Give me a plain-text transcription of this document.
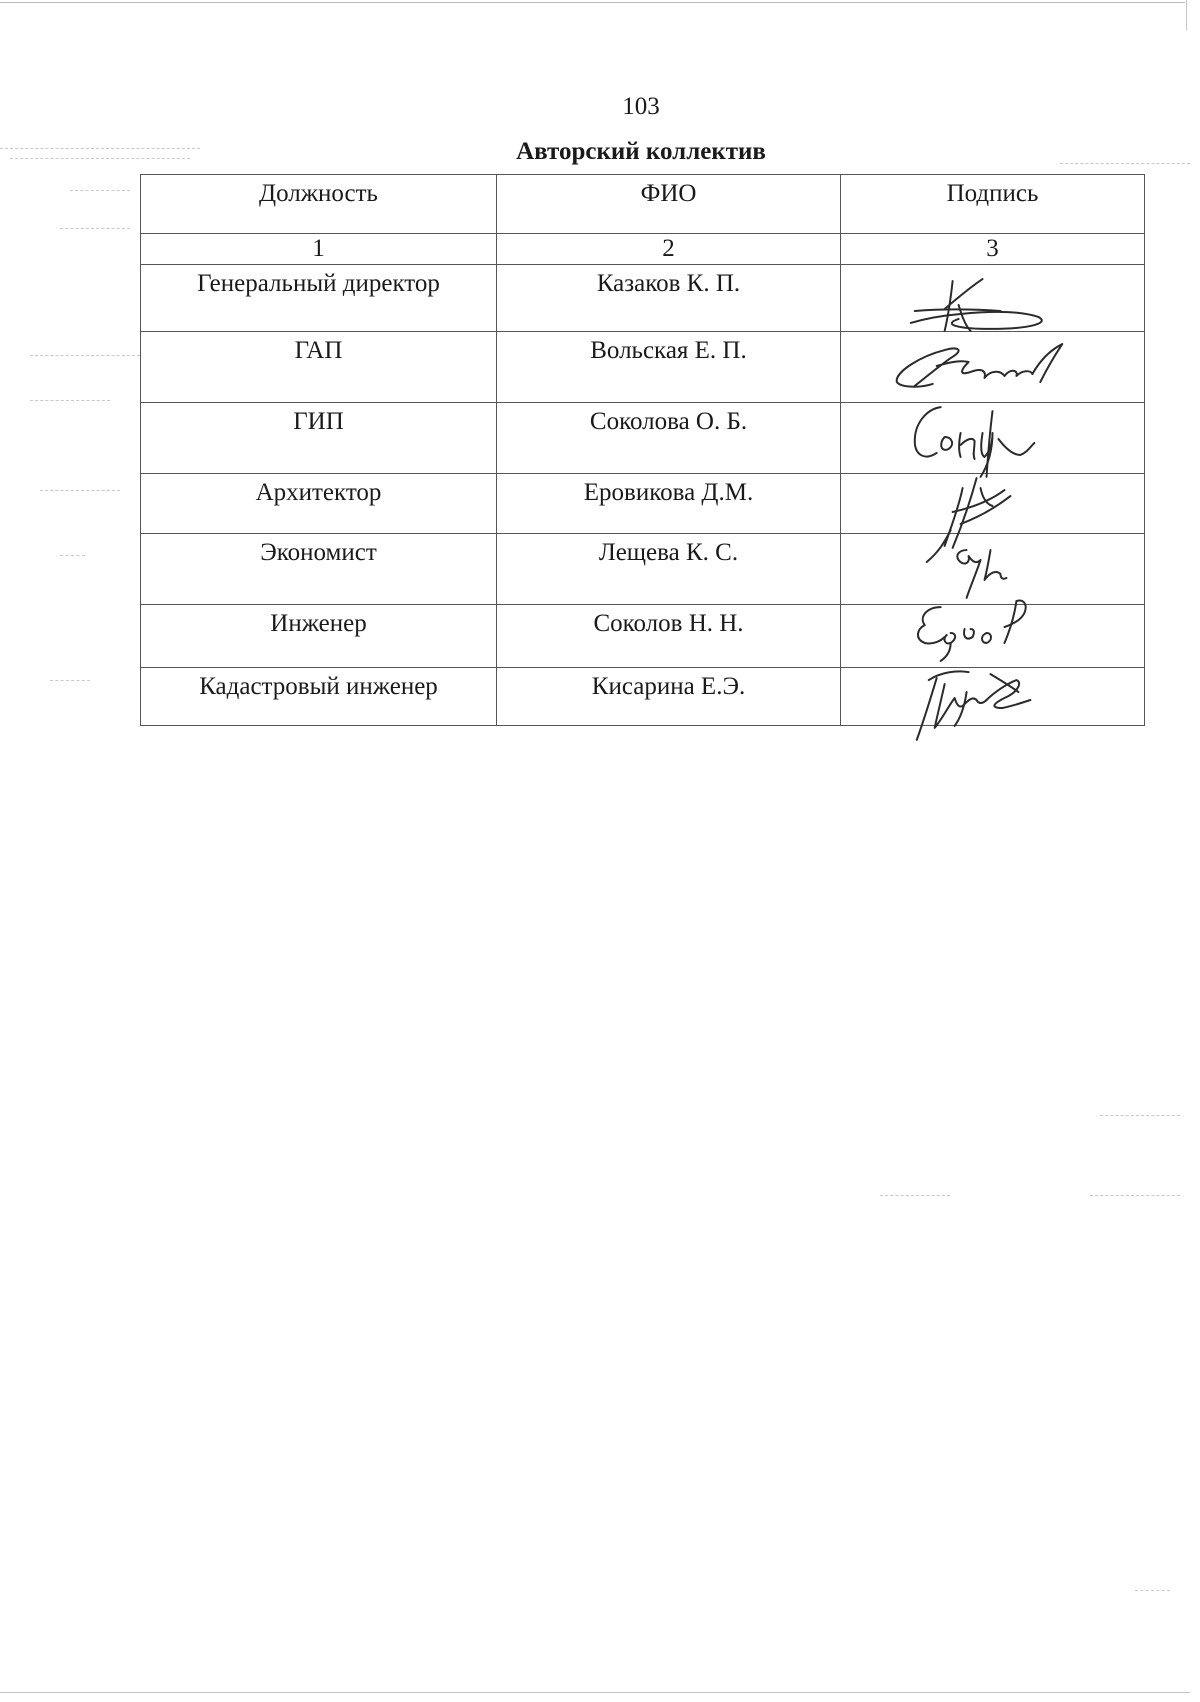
103
Авторский коллектив
Должность	ФИО	Подпись
1	2	3
Генеральный директор	Казаков К. П.	

ГАП	Вольская Е. П.	

ГИП	Соколова О. Б.	

Архитектор	Еровикова Д.М.	

Экономист	Лещева К. С.	

Инженер	Соколов Н. Н.	

Кадастровый инженер	Кисарина Е.Э.	
